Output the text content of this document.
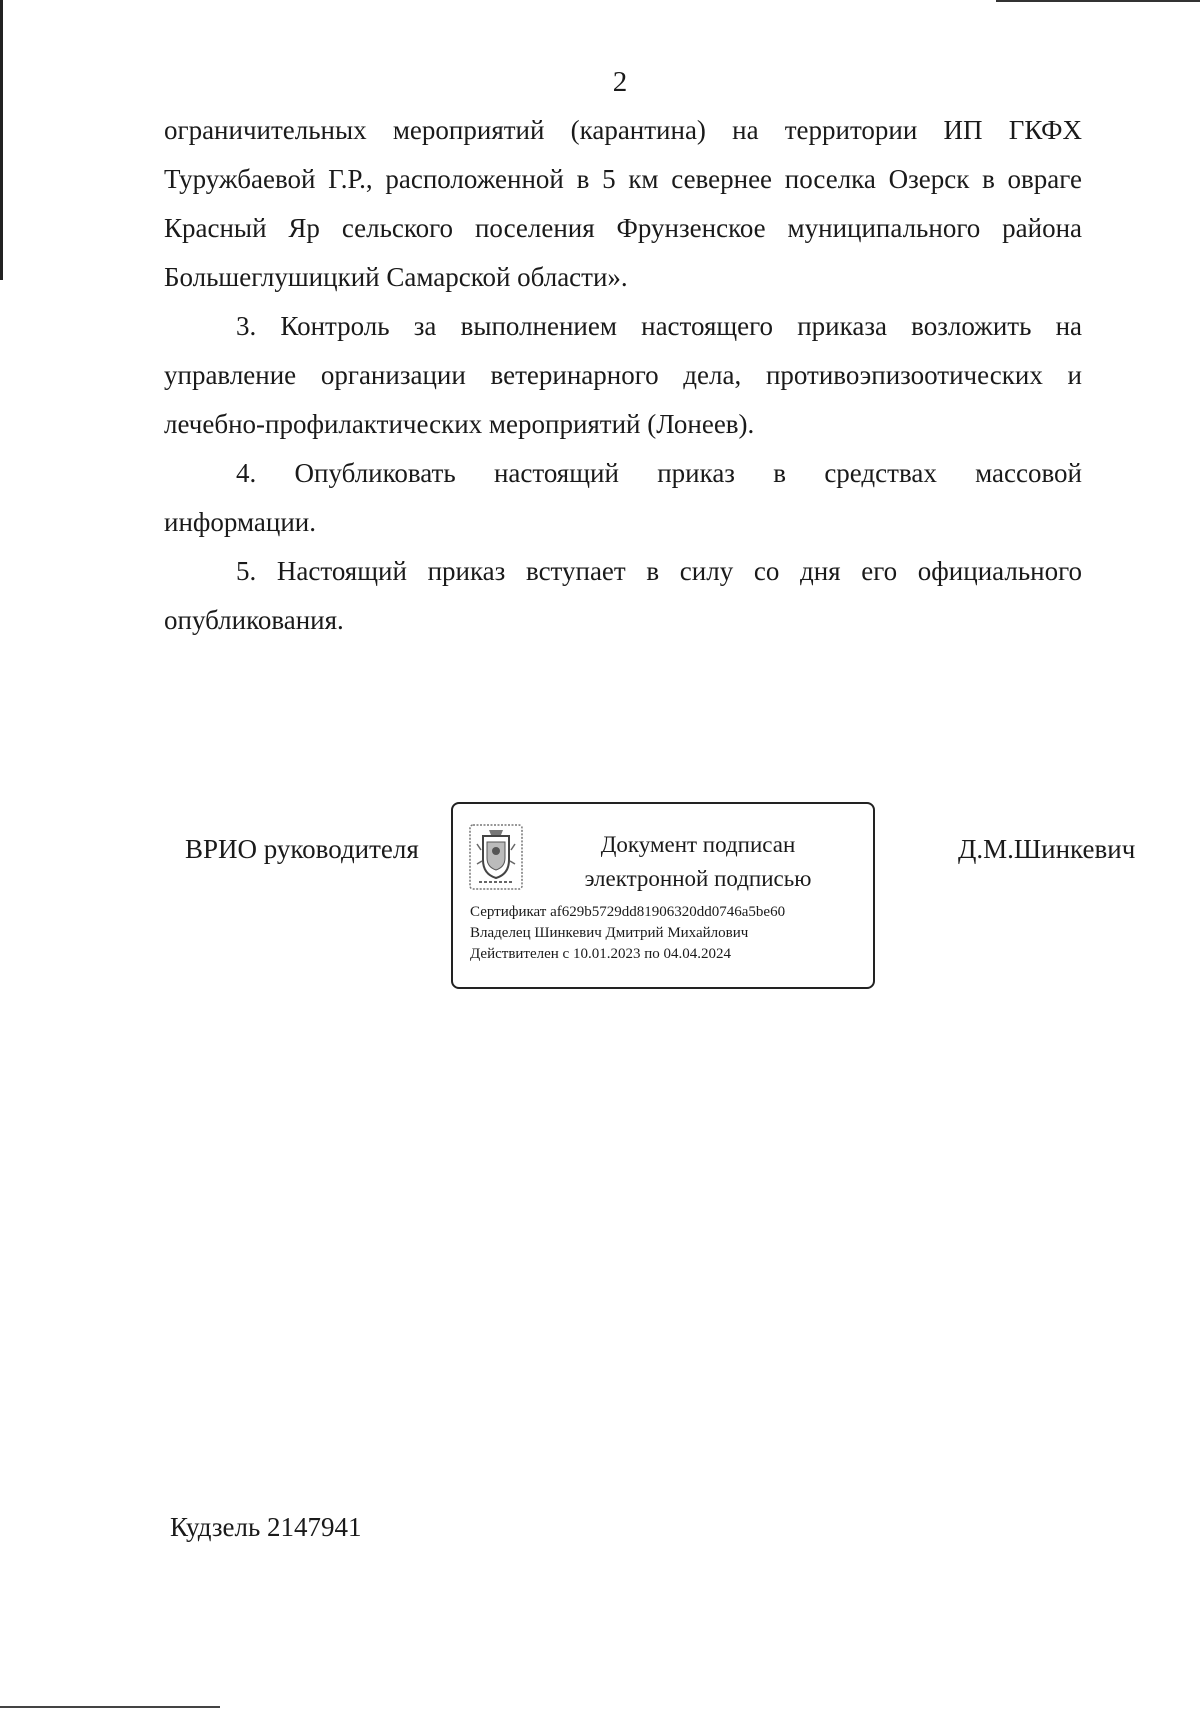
2
ограничительных мероприятий (карантина) на территории ИП ГКФХ
Туружбаевой Г.Р., расположенной в 5 км севернее поселка Озерск в овраге
Красный Яр сельского поселения Фрунзенское муниципального района
Большеглушицкий Самарской области».
3. Контроль за выполнением настоящего приказа возложить на
управление организации ветеринарного дела, противоэпизоотических и
лечебно-профилактических мероприятий (Лонеев).
4. Опубликовать настоящий приказ в средствах массовой
информации.
5. Настоящий приказ вступает в силу со дня его официального
опубликования.
ВРИО руководителя	Документ подписан
электронной подписью
Сертификат af629b5729dd81906320dd0746a5be60
Владелец Шинкевич Дмитрий Михайлович
Действителен с 10.01.2023 по 04.04.2024
Д.М.Шинкевич
Кудзель 2147941
